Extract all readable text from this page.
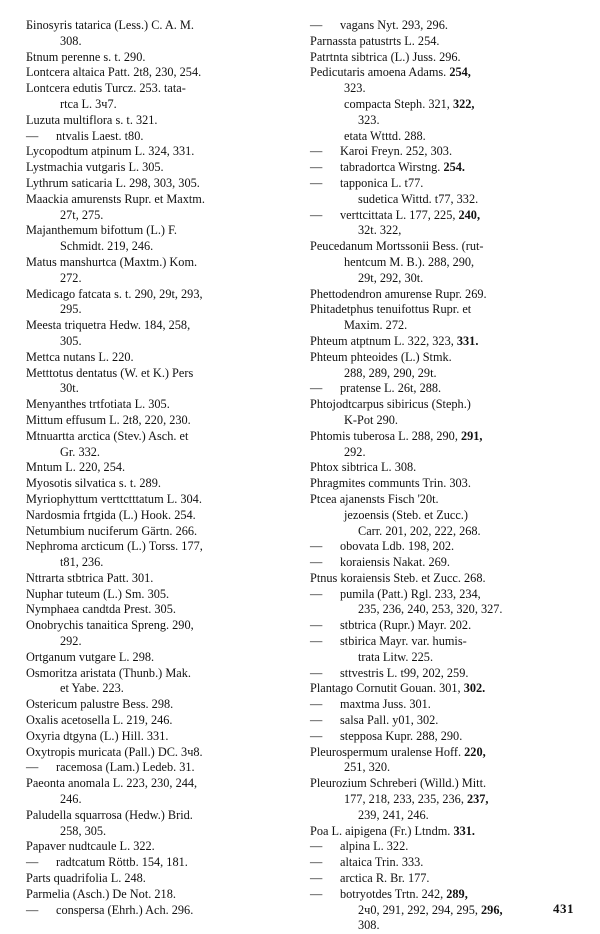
Бinosyris tatarica (Less.) C. A. M.
308.
Бtnum perenne s. t. 290.
Lontcera altaica Patt. 2t8, 230, 254.
Lontcera edutis Turcz. 253. tata-
rtca L. 3ч7.
Luzuta multiflora s. t. 321.
— ntvalis Laest. t80.
Lycopodtum atpinum L. 324, 331.
Lystmachia vutgaris L. 305.
Lythrum saticaria L. 298, 303, 305.
Maackia amurensts Rupr. et Maxtm.
27t, 275.
Majanthemum bifottum (L.) F.
Schmidt. 219, 246.
Matus manshurtca (Maxtm.) Kom.
272.
Medicago fatcata s. t. 290, 29t, 293,
295.
Meesta triquetra Hedw. 184, 258,
305.
Mettca nutans L. 220.
Metttotus dentatus (W. et K.) Pers
30t.
Menyanthes trtfotiata L. 305.
Mittum effusum L. 2t8, 220, 230.
Mtnuartta arctica (Stev.) Asch. et
Gr. 332.
Mntum L. 220, 254.
Myosotis silvatica s. t. 289.
Myriophyttum verttctttatum L. 304.
Nardosmia frtgida (L.) Hook. 254.
Netumbium nuciferum Gärtn. 266.
Nephroma arcticum (L.) Torss. 177,
t81, 236.
Nttrarta stbtrica Patt. 301.
Nuphar tuteum (L.) Sm. 305.
Nymphaea candtda Prest. 305.
Onobrychis tanaitica Spreng. 290,
292.
Ortganum vutgare L. 298.
Osmoritza aristata (Thunb.) Mak.
et Yabe. 223.
Ostericum palustre Bess. 298.
Oxalis acetosella L. 219, 246.
Oxyria dtgyna (L.) Hill. 331.
Oxytropis muricata (Pall.) DC. 3ч8.
— racemosa (Lam.) Ledeb. 31.
Paeonta anomala L. 223, 230, 244,
246.
Paludella squarrosa (Hedw.) Brid.
258, 305.
Papaver nudtcaule L. 322.
— radtcatum Röttb. 154, 181.
Parts quadrifolia L. 248.
Parmelia (Asch.) De Not. 218.
— conspersa (Ehrh.) Ach. 296.
— vagans Nyt. 293, 296.
Parnassta patustrts L. 254.
Patrtnta sibtrica (L.) Juss. 296.
Pedicutaris amoena Adams. 254,
323.
compacta Steph. 321, 322,
323.
etata Wtttd. 288.
— Karoi Freyn. 252, 303.
— tabradortca Wirstng. 254.
— tapponica L. t77.
sudetica Wittd. t77, 332.
— verttcittata L. 177, 225, 240,
32t. 322,
Peucedanum Mortssonii Bess. (rut-
hentcum M. B.). 288, 290,
29t, 292, 30t.
Phettodendron amurense Rupr. 269.
Phitadetphus tenuifottus Rupr. et
Maxim. 272.
Phteum atptnum L. 322, 323, 331.
Phteum phteoides (L.) Stmk.
288, 289, 290, 29t.
— pratense L. 26t, 288.
Phtojodtcarpus sibiricus (Steph.)
K-Pot 290.
Phtomis tuberosa L. 288, 290, 291,
292.
Phtox sibtrica L. 308.
Phragmites communts Trin. 303.
Ptcea ajanensts Fisch '20t.
jezoensis (Steb. et Zucc.)
Carr. 201, 202, 222, 268.
— obovata Ldb. 198, 202.
— koraiensis Nakat. 269.
Ptnus koraiensis Steb. et Zucc. 268.
— pumila (Patt.) Rgl. 233, 234,
235, 236, 240, 253, 320, 327.
— stbtrica (Rupr.) Mayr. 202.
— stbirica Mayr. var. humis-
trata Litw. 225.
— sttvestris L. t99, 202, 259.
Plantago Cornutit Gouan. 301, 302.
— maxtma Juss. 301.
— salsa Pall. у01, 302.
— stepposa Kupr. 288, 290.
Pleurospermum uralense Hoff. 220,
251, 320.
Pleurozium Schreberi (Willd.) Mitt.
177, 218, 233, 235, 236, 237,
239, 241, 246.
Poa L. aipigena (Fr.) Ltndm. 331.
— alpina L. 322.
— altaica Trin. 333.
— arctica R. Br. 177.
— botryotdes Trtn. 242, 289,
2ч0, 291, 292, 294, 295, 296,
308.
431
